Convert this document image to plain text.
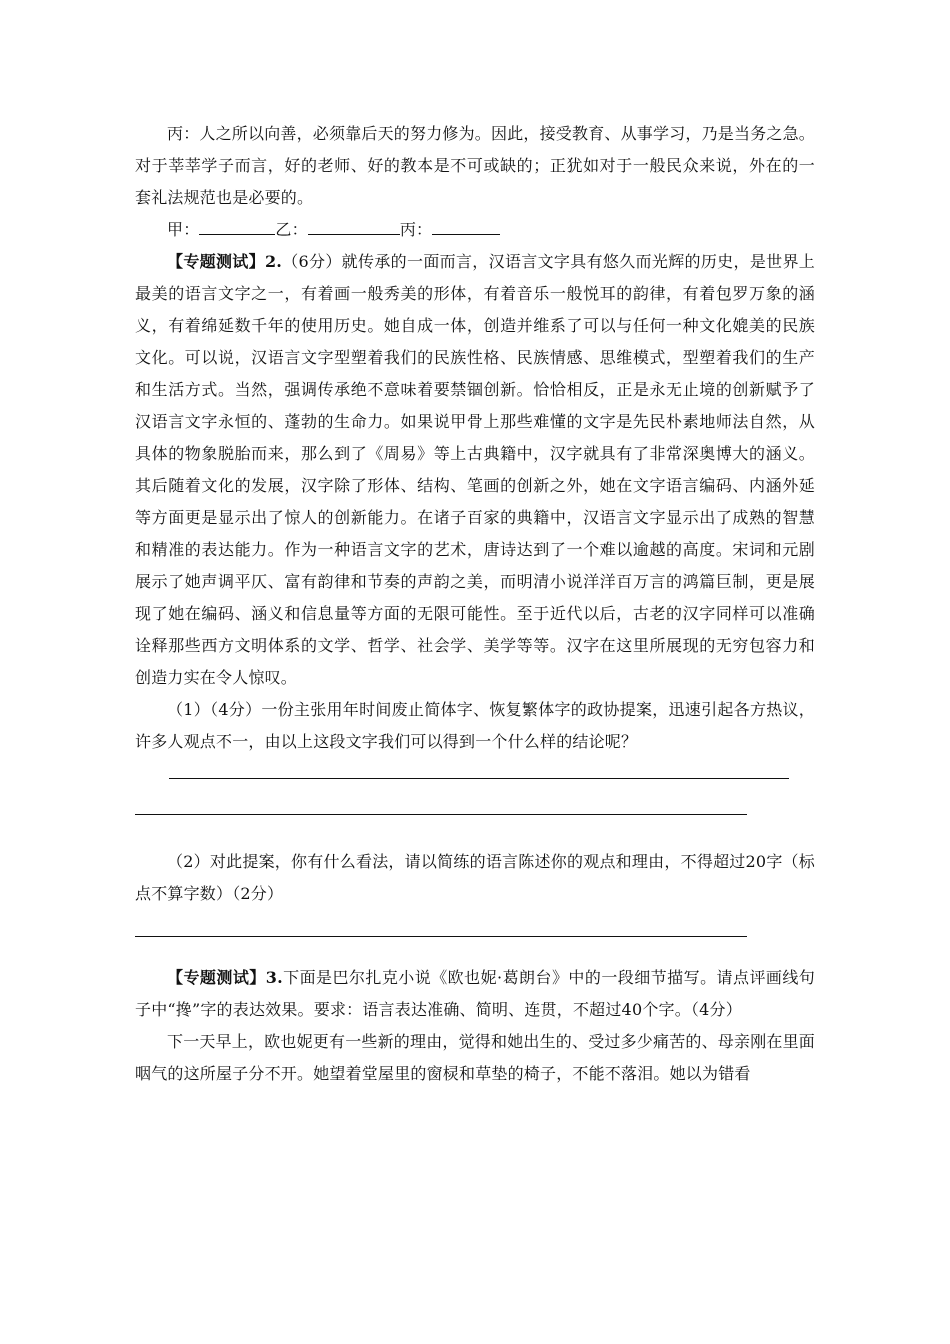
丙：人之所以向善，必须靠后天的努力修为。因此，接受教育、从事学习，乃是当务之急。对于莘莘学子而言，好的老师、好的教本是不可或缺的；正犹如对于一般民众来说，外在的一套礼法规范也是必要的。

甲：	乙：	丙：

【专题测试】2.（6分）就传承的一面而言，汉语言文字具有悠久而光辉的历史，是世界上最美的语言文字之一，有着画一般秀美的形体，有着音乐一般悦耳的韵律，有着包罗万象的涵义，有着绵延数千年的使用历史。她自成一体，创造并维系了可以与任何一种文化媲美的民族文化。可以说，汉语言文字型塑着我们的民族性格、民族情感、思维模式，型塑着我们的生产和生活方式。当然，强调传承绝不意味着要禁锢创新。恰恰相反，正是永无止境的创新赋予了汉语言文字永恒的、蓬勃的生命力。如果说甲骨上那些难懂的文字是先民朴素地师法自然，从具体的物象脱胎而来，那么到了《周易》等上古典籍中，汉字就具有了非常深奥博大的涵义。其后随着文化的发展，汉字除了形体、结构、笔画的创新之外，她在文字语言编码、内涵外延等方面更是显示出了惊人的创新能力。在诸子百家的典籍中，汉语言文字显示出了成熟的智慧和精准的表达能力。作为一种语言文字的艺术，唐诗达到了一个难以逾越的高度。宋词和元剧展示了她声调平仄、富有韵律和节奏的声韵之美，而明清小说洋洋百万言的鸿篇巨制，更是展现了她在编码、涵义和信息量等方面的无限可能性。至于近代以后，古老的汉字同样可以准确诠释那些西方文明体系的文学、哲学、社会学、美学等等。汉字在这里所展现的无穷包容力和创造力实在令人惊叹。

（1）（4分）一份主张用年时间废止简体字、恢复繁体字的政协提案，迅速引起各方热议，许多人观点不一，由以上这段文字我们可以得到一个什么样的结论呢？

（2）对此提案，你有什么看法，请以简练的语言陈述你的观点和理由，不得超过20字（标点不算字数）（2分）

【专题测试】3.下面是巴尔扎克小说《欧也妮·葛朗台》中的一段细节描写。请点评画线句子中“搀”字的表达效果。要求：语言表达准确、简明、连贯，不超过40个字。（4分）

下一天早上，欧也妮更有一些新的理由，觉得和她出生的、受过多少痛苦的、母亲刚在里面咽气的这所屋子分不开。她望着堂屋里的窗棂和草垫的椅子，不能不落泪。她以为错看
